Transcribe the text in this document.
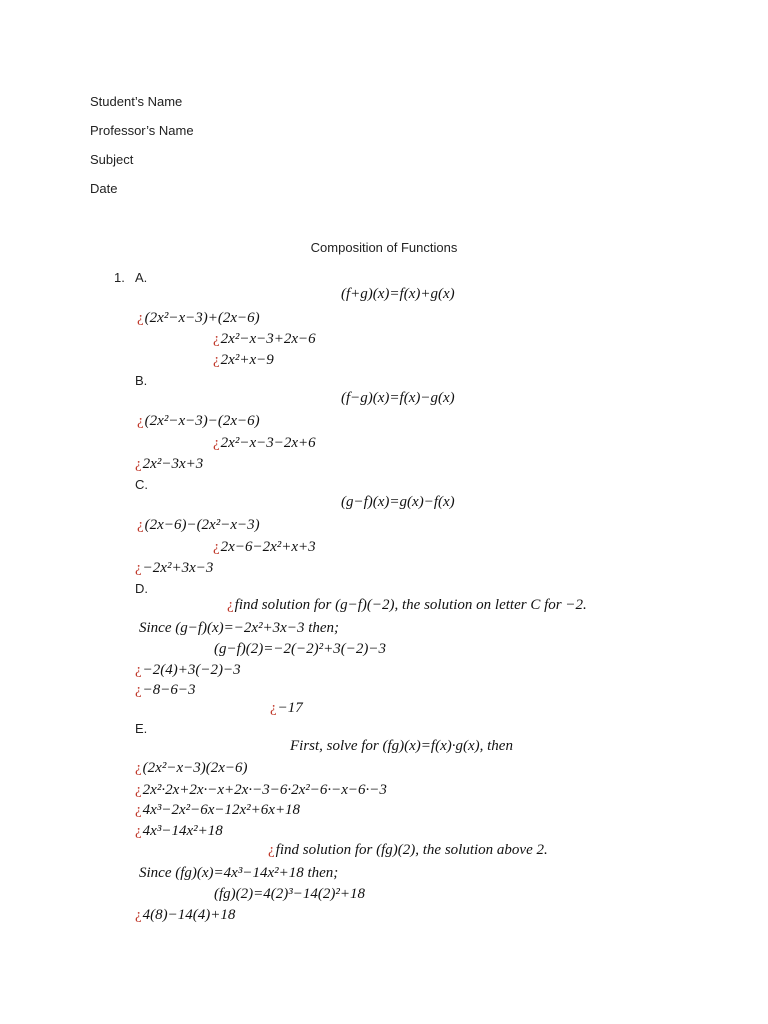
Student’s Name
Professor’s Name
Subject
Date
Composition of Functions
1. A.
(f+g)(x)=f(x)+g(x)
¿(2x²−x−3)+(2x−6)
¿2x²−x−3+2x−6
¿2x²+x−9
B.
(f−g)(x)=f(x)−g(x)
¿(2x²−x−3)−(2x−6)
¿2x²−x−3−2x+6
¿2x²−3x+3
C.
(g−f)(x)=g(x)−f(x)
¿(2x−6)−(2x²−x−3)
¿2x−6−2x²+x+3
¿−2x²+3x−3
D.
¿find solution for (g−f)(−2), the solution on letter C for −2.
Since (g−f)(x)=−2x²+3x−3 then;
(g−f)(2)=−2(−2)²+3(−2)−3
¿−2(4)+3(−2)−3
¿−8−6−3
¿−17
E.
First, solve for (fg)(x)=f(x)·g(x), then
¿(2x²−x−3)(2x−6)
¿2x²·2x+2x·−x+2x·−3−6·2x²−6·−x−6·−3
¿4x³−2x²−6x−12x²+6x+18
¿4x³−14x²+18
¿find solution for (fg)(2), the solution above 2.
Since (fg)(x)=4x³−14x²+18 then;
(fg)(2)=4(2)³−14(2)²+18
¿4(8)−14(4)+18
